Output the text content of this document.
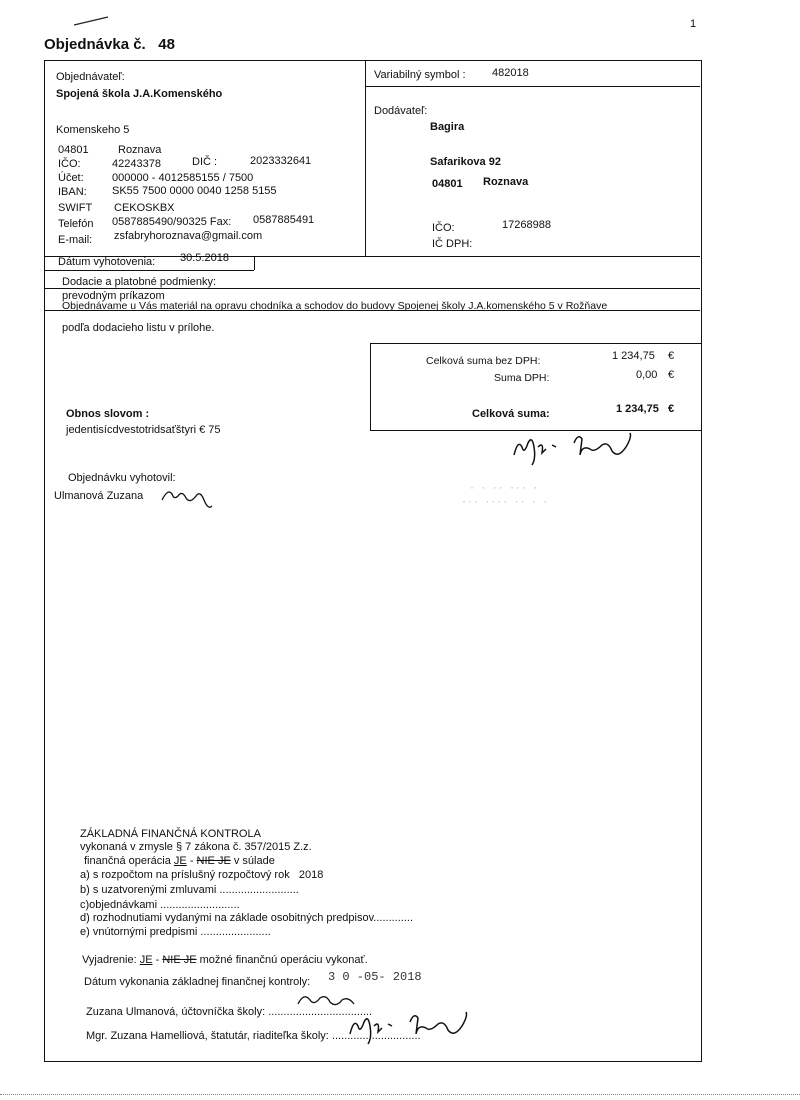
Objednávka č. 48
1
Objednávateľ:
Spojená škola J.A.Komenského
Komenskeho 5
04801	Roznava
IČO:	42243378	DIČ :	2023332641
Účet:	000000 - 4012585155 / 7500
IBAN: SK55 7500 0000 0040 1258 5155
SWIFT CEKOSKBX
Telefón 0587885490/90325 Fax: 0587885491
E-mail: zsfabryhoroznava@gmail.com
Variabilný symbol : 482018
Dodávateľ:
Bagira
Safarikova 92
04801 Roznava
IČO:	17268988
IČ DPH:
Dátum vyhotovenia: 30.5.2018
Dodacie a platobné podmienky:
prevodným príkazom
Objednávame u Vás materiál na opravu chodníka a schodov do budovy Spojenej školy J.A.komenského 5 v Rožňave
podľa dodacieho listu v prílohe.
Celková suma bez DPH:	1 234,75 €
Suma DPH:	0,00 €
Celková suma:	1 234,75 €
Obnos slovom :
jedentisícdvestotridsaťštyri € 75
· · ·· ··· ·
··· ···· ·· · ·
Objednávku vyhotovil:
Ulmanová Zuzana
ZÁKLADNÁ FINANČNÁ KONTROLA
vykonaná v zmysle § 7 zákona č. 357/2015 Z.z.
finančná operácia JE - NIE JE v súlade
a) s rozpočtom na príslušný rozpočtový rok 2018
b) s uzatvorenými zmluvami ..........................
c)objednávkami ..........................
d) rozhodnutiami vydanými na základe osobitných predpisov.............
e) vnútornými predpismi .......................
Vyjadrenie: JE - NIE JE možné finančnú operáciu vykonať.
Dátum vykonania základnej finančnej kontroly: 3 0 -05- 2018
Zuzana Ulmanová, účtovníčka školy: ..................................
Mgr. Zuzana Hamelliová, štatutár, riaditeľka školy: .............................
